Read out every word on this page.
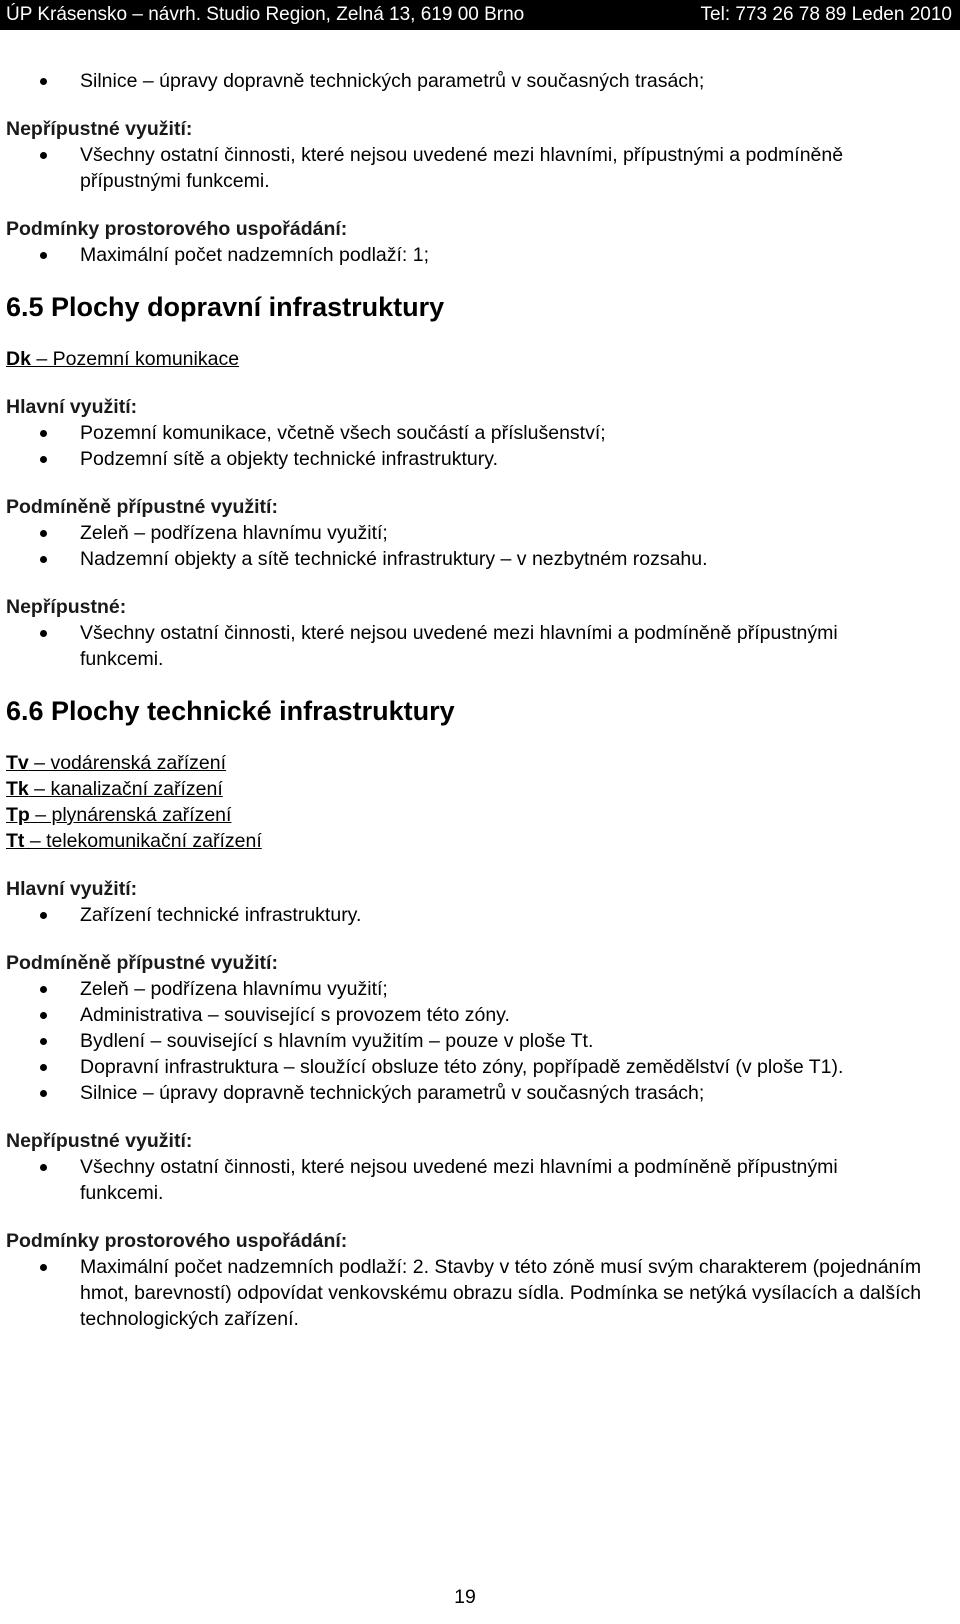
ÚP Krásensko – návrh. Studio Region, Zelná 13, 619 00 Brno	Tel: 773 26 78 89 Leden 2010
Silnice – úpravy dopravně technických parametrů v současných trasách;

Nepřípustné využití:

Všechny ostatní činnosti, které nejsou uvedené mezi hlavními, přípustnými a podmíněně přípustnými funkcemi.

Podmínky prostorového uspořádání:

Maximální počet nadzemních podlaží: 1;
6.5 Plochy dopravní infrastruktury
Dk – Pozemní komunikace

Hlavní využití:

Pozemní komunikace, včetně všech součástí a příslušenství;
Podzemní sítě a objekty technické infrastruktury.

Podmíněně přípustné využití:

Zeleň – podřízena hlavnímu využití;
Nadzemní objekty a sítě technické infrastruktury – v nezbytném rozsahu.

Nepřípustné:

Všechny ostatní činnosti, které nejsou uvedené mezi hlavními a podmíněně přípustnými funkcemi.
6.6 Plochy technické infrastruktury
Tv – vodárenská zařízení
Tk – kanalizační zařízení
Tp – plynárenská zařízení
Tt – telekomunikační zařízení

Hlavní využití:

Zařízení technické infrastruktury.

Podmíněně přípustné využití:

Zeleň – podřízena hlavnímu využití;
Administrativa – související s provozem této zóny.
Bydlení – související s hlavním využitím – pouze v ploše Tt.
Dopravní infrastruktura – sloužící obsluze této zóny, popřípadě zemědělství (v ploše T1).
Silnice – úpravy dopravně technických parametrů v současných trasách;

Nepřípustné využití:

Všechny ostatní činnosti, které nejsou uvedené mezi hlavními a podmíněně přípustnými funkcemi.

Podmínky prostorového uspořádání:

Maximální počet nadzemních podlaží: 2. Stavby v této zóně musí svým charakterem (pojednáním hmot, barevností) odpovídat venkovskému obrazu sídla. Podmínka se netýká vysílacích a dalších technologických zařízení.
19
